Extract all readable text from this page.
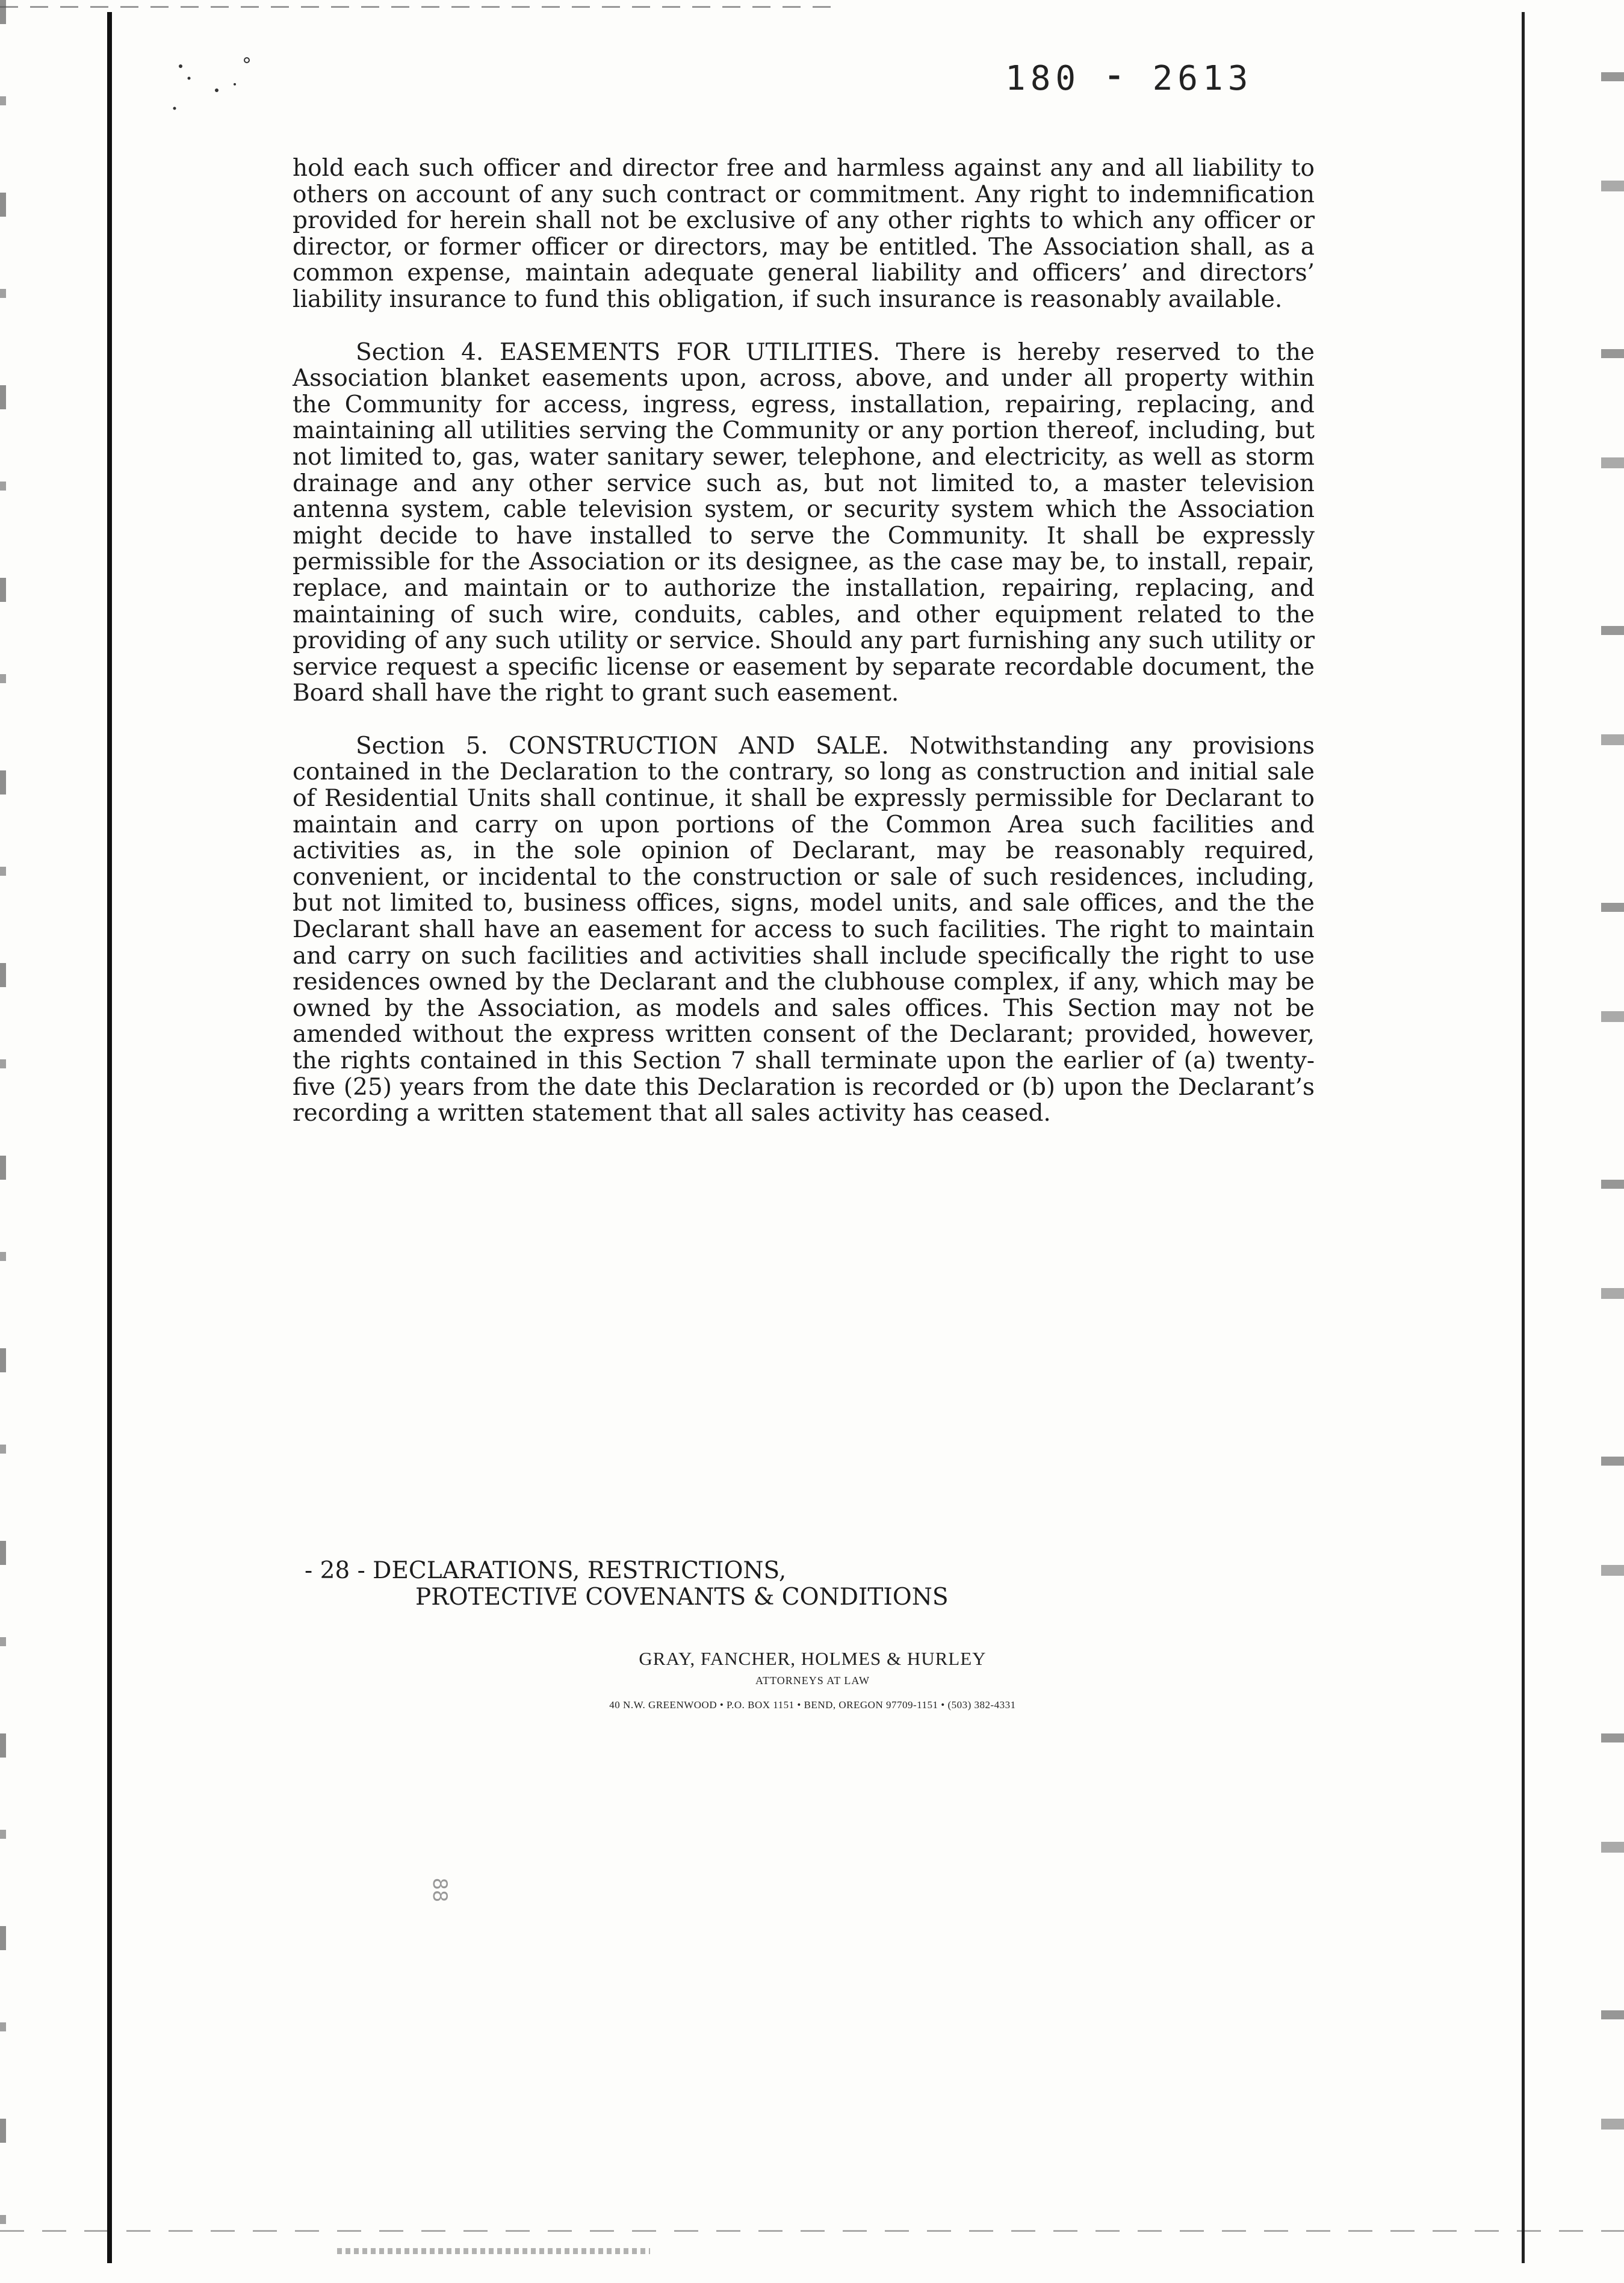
180 ⁃ 2613

hold each such officer and director free and harmless against any and all liability to others on account of any such contract or commitment. Any right to indemnification provided for herein shall not be exclusive of any other rights to which any officer or director, or former officer or directors, may be entitled. The Association shall, as a common expense, maintain adequate general liability and officers’ and directors’ liability insurance to fund this obligation, if such insurance is reasonably available.

Section 4. EASEMENTS FOR UTILITIES. There is hereby reserved to the Association blanket easements upon, across, above, and under all property within the Community for access, ingress, egress, installation, repairing, replacing, and maintaining all utilities serving the Community or any portion thereof, including, but not limited to, gas, water sanitary sewer, telephone, and electricity, as well as storm drainage and any other service such as, but not limited to, a master television antenna system, cable television system, or security system which the Association might decide to have installed to serve the Community. It shall be expressly permissible for the Association or its designee, as the case may be, to install, repair, replace, and maintain or to authorize the installation, repairing, replacing, and maintaining of such wire, conduits, cables, and other equipment related to the providing of any such utility or service. Should any part furnishing any such utility or service request a specific license or easement by separate recordable document, the Board shall have the right to grant such easement.

Section 5. CONSTRUCTION AND SALE. Notwithstanding any provisions contained in the Declaration to the contrary, so long as construction and initial sale of Residential Units shall continue, it shall be expressly permissible for Declarant to maintain and carry on upon portions of the Common Area such facilities and activities as, in the sole opinion of Declarant, may be reasonably required, convenient, or incidental to the construction or sale of such residences, including, but not limited to, business offices, signs, model units, and sale offices, and the the Declarant shall have an easement for access to such facilities. The right to maintain and carry on such facilities and activities shall include specifically the right to use residences owned by the Declarant and the clubhouse complex, if any, which may be owned by the Association, as models and sales offices. This Section may not be amended without the express written consent of the Declarant; provided, however, the rights contained in this Section 7 shall terminate upon the earlier of (a) twenty-five (25) years from the date this Declaration is recorded or (b) upon the Declarant’s recording a written statement that all sales activity has ceased.

- 28 - DECLARATIONS, RESTRICTIONS,
PROTECTIVE COVENANTS & CONDITIONS
GRAY, FANCHER, HOLMES & HURLEY
ATTORNEYS AT LAW
40 N.W. GREENWOOD • P.O. BOX 1151 • BEND, OREGON 97709-1151 • (503) 382-4331
88
